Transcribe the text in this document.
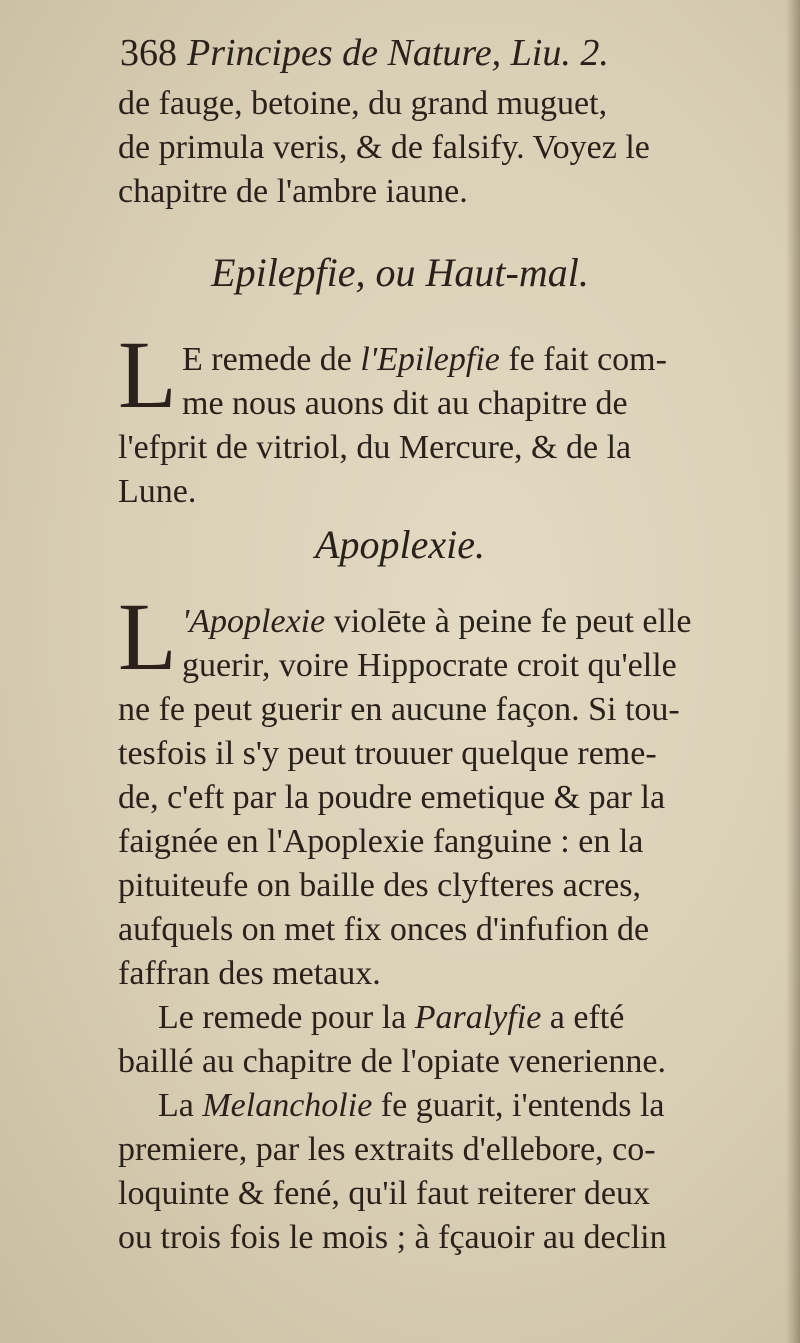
368 Principes de Nature, Liu. 2.
de fauge, betoine, du grand muguet,
de primula veris, & de falsify. Voyez le
chapitre de l'ambre iaune.
Epilepfie, ou Haut-mal.
L E remede de l'Epilepfie fe fait com-
me nous auons dit au chapitre de
l'efprit de vitriol, du Mercure, & de la
Lune.
Apoplexie.
L 'Apoplexie violēte à peine fe peut elle
guerir, voire Hippocrate croit qu'elle
ne fe peut guerir en aucune façon. Si tou-
tesfois il s'y peut trouuer quelque reme-
de, c'eft par la poudre emetique & par la
faignée en l'Apoplexie fanguine : en la
pituiteufe on baille des clyfteres acres,
aufquels on met fix onces d'infufion de
faffran des metaux.
Le remede pour la Paralyfie a efté
baillé au chapitre de l'opiate venerienne.
La Melancholie fe guarit, i'entends la
premiere, par les extraits d'ellebore, co-
loquinte & fené, qu'il faut reiterer deux
ou trois fois le mois ; à fçauoir au declin
